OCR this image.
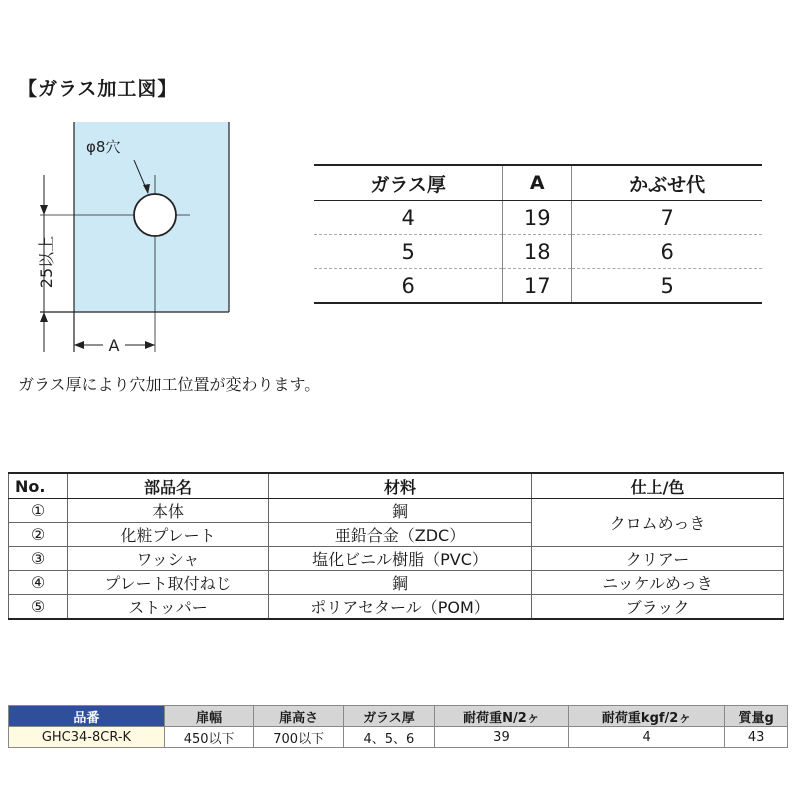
【ガラス加工図】
φ8穴
25以上
A
ガラス厚	A	かぶせ代
4	19	7
5	18	6
6	17	5
ガラス厚により穴加工位置が変わります。
No.	部品名	材料	仕上/色
①	本体	鋼	クロムめっき
②	化粧プレート	亜鉛合金（ZDC）	
③	ワッシャ	塩化ビニル樹脂（PVC）	クリアー
④	プレート取付ねじ	鋼	ニッケルめっき
⑤	ストッパー	ポリアセタール（POM）	ブラック
品番	扉幅	扉高さ	ガラス厚	耐荷重N/2ヶ	耐荷重kgf/2ヶ	質量g
GHC34-8CR-K	450以下	700以下	4、5、6	39	4	43
